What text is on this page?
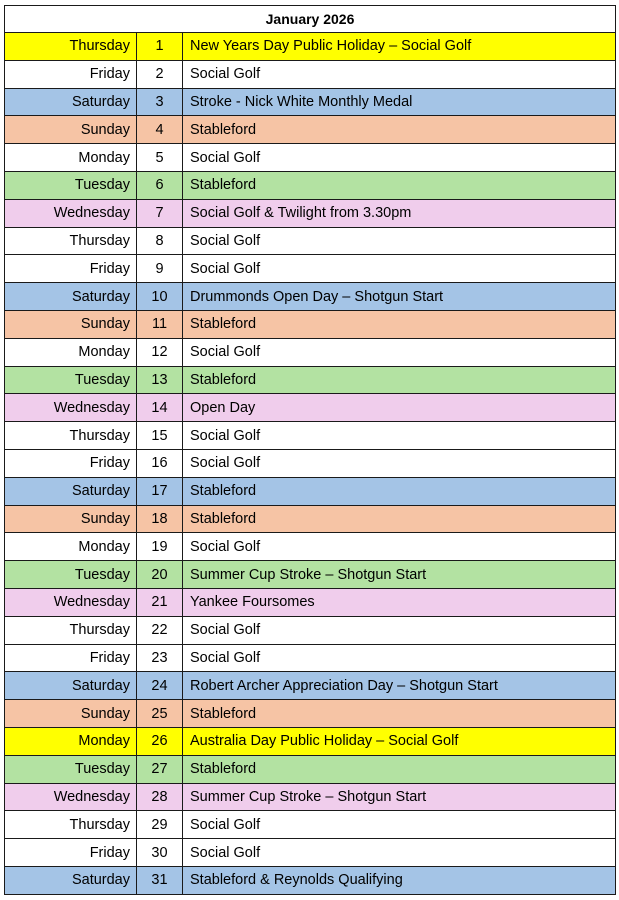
January 2026		
Thursday	1	New Years Day Public Holiday – Social Golf
Friday	2	Social Golf
Saturday	3	Stroke - Nick White Monthly Medal
Sunday	4	Stableford
Monday	5	Social Golf
Tuesday	6	Stableford
Wednesday	7	Social Golf & Twilight from 3.30pm
Thursday	8	Social Golf
Friday	9	Social Golf
Saturday	10	Drummonds Open Day – Shotgun Start
Sunday	11	Stableford
Monday	12	Social Golf
Tuesday	13	Stableford
Wednesday	14	Open Day
Thursday	15	Social Golf
Friday	16	Social Golf
Saturday	17	Stableford
Sunday	18	Stableford
Monday	19	Social Golf
Tuesday	20	Summer Cup Stroke – Shotgun Start
Wednesday	21	Yankee Foursomes
Thursday	22	Social Golf
Friday	23	Social Golf
Saturday	24	Robert Archer Appreciation Day – Shotgun Start
Sunday	25	Stableford
Monday	26	Australia Day Public Holiday – Social Golf
Tuesday	27	Stableford
Wednesday	28	Summer Cup Stroke – Shotgun Start
Thursday	29	Social Golf
Friday	30	Social Golf
Saturday	31	Stableford & Reynolds Qualifying
